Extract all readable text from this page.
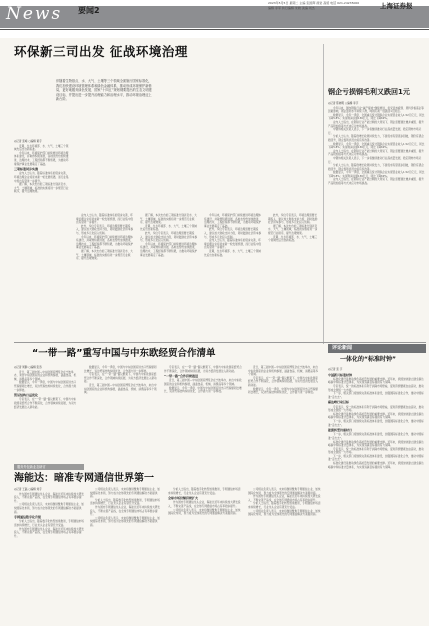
News 要闻2
2023年5月5日 星期二 主编 张国辉 视觉 高毅 电话 021-24235000
编辑 李军 执行编辑 朱晓 美编 刘杰	上海证券报
环保新三司出发 征战环境治理
伴随着生物基点、水、大气、土壤等三个领域全面施行国家标准化，我们加快建设环境管理体系和绿色金融体系，推动形成环境保护新格局，更好地服务绿色发展、国家“十四五”规划纲要提出的生态文明建设目标，并提出进一步提升治理能力和治理水平，推动环境治理迈上新台阶。
◎记者 张峰 ○编辑 黄宇
近期，生态环境部、水、大气、土壤三个领域先后出台新标准。
今年以来，环境保护部门持续推进环境治理体系建设，并取得积极进展，各地也纷纷加快推进，治理技术、工程经验都不断积累，为推动环境保护事业发展奠定了基础。
三项标准同步实施
业内人士认为，随着标准体系的逐步完善，环境治理企业将迎来新一轮发展机遇，而行业集中度也有望进一步提升。
据了解，本次出台的三项标准分别涉及水、大气、土壤领域，标准的实施将进一步规范行业秩序，提升治理效果。
业内人士认为，随着标准体系的逐步完善，环境治理企业将迎来新一轮发展机遇，而行业集中度也有望进一步提升。
此外，多位专家表示，环境治理需要长期投入，建议加大财政支持力度，同时鼓励社会资本参与，形成多元化投入机制。
今年以来，环境保护部门持续推进环境治理体系建设，并取得积极进展，各地也纷纷加快推进，治理技术、工程经验都不断积累，为推动环境保护事业发展奠定了基础。
据了解，本次出台的三项标准分别涉及水、大气、土壤领域，标准的实施将进一步规范行业秩序，提升治理效果。
据了解，本次出台的三项标准分别涉及水、大气、土壤领域，标准的实施将进一步规范行业秩序，提升治理效果。
近期，生态环境部、水、大气、土壤三个领域先后出台新标准。
此外，多位专家表示，环境治理需要长期投入，建议加大财政支持力度，同时鼓励社会资本参与，形成多元化投入机制。
今年以来，环境保护部门持续推进环境治理体系建设，并取得积极进展，各地也纷纷加快推进，治理技术、工程经验都不断积累，为推动环境保护事业发展奠定了基础。
今年以来，环境保护部门持续推进环境治理体系建设，并取得积极进展，各地也纷纷加快推进，治理技术、工程经验都不断积累，为推动环境保护事业发展奠定了基础。
此外，多位专家表示，环境治理需要长期投入，建议加大财政支持力度，同时鼓励社会资本参与，形成多元化投入机制。
业内人士认为，随着标准体系的逐步完善，环境治理企业将迎来新一轮发展机遇，而行业集中度也有望进一步提升。
近期，生态环境部、水、大气、土壤三个领域先后出台新标准。
此外，多位专家表示，环境治理需要长期投入，建议加大财政支持力度，同时鼓励社会资本参与，形成多元化投入机制。
据了解，本次出台的三项标准分别涉及水、大气、土壤领域，标准的实施将进一步规范行业秩序，提升治理效果。
近期，生态环境部、水、大气、土壤三个领域先后出台新标准。
钢企亏损钢毛利又跌回1元
◎记者 陈晓明 ○编辑 李宇
今年以来，国内钢铁行业“减产提质”继续推进，但受需求疲弱、原料价格高企等因素影响，钢企盈利水平持续下滑，吨钢毛利一度跌回1元附近。
数据显示，今年一季度，全国重点统计钢铁企业实现营业收入1.52万亿元，同比下降5.8%；实现利润总额136亿元，同比下降69%。
业内人士指出，在钢铁行业产能过剩的大背景下，钢企需要通过兼并重组、提升产品附加值等方式来应对市场挑战。
中钢协相关负责人表示，下一步将继续推动行业高质量发展，稳定钢材市场运行。
分析人士认为，随着稳增长政策持续发力，下游需求有望逐步回暖，钢价有望企稳回升，钢企盈利状况也将有所改善。
数据显示，今年一季度，全国重点统计钢铁企业实现营业收入1.52万亿元，同比下降5.8%；实现利润总额136亿元，同比下降69%。
业内人士指出，在钢铁行业产能过剩的大背景下，钢企需要通过兼并重组、提升产品附加值等方式来应对市场挑战。
中钢协相关负责人表示，下一步将继续推动行业高质量发展，稳定钢材市场运行。
分析人士认为，随着稳增长政策持续发力，下游需求有望逐步回暖，钢价有望企稳回升，钢企盈利状况也将有所改善。
数据显示，今年一季度，全国重点统计钢铁企业实现营业收入1.52万亿元，同比下降5.8%；实现利润总额136亿元，同比下降69%。
业内人士指出，在钢铁行业产能过剩的大背景下，钢企需要通过兼并重组、提升产品附加值等方式来应对市场挑战。
“一带一路”重写中国与中东欧经贸合作清单
◎记者 周静 ○编辑 张涛
近日，第三届中国—中东欧国家博览会在宁波举办，来自中东欧国家的企业和机构参展，涵盖食品、机械、消费品等多个领域。
数据显示，今年一季度，中国与中东欧国家进出口贸易额同比增长，双边贸易结构持续优化，合作潜力进一步释放。
贸易结构日益优化
专家表示，在“一带一路”倡议框架下，中国与中东欧国家经贸合作不断深化，合作领域持续拓展，为双方经济发展注入新动能。
数据显示，今年一季度，中国与中东欧国家进出口贸易额同比增长，双边贸易结构持续优化，合作潜力进一步释放。
专家表示，在“一带一路”倡议框架下，中国与中东欧国家经贸合作不断深化，合作领域持续拓展，为双方经济发展注入新动能。
近日，第三届中国—中东欧国家博览会在宁波举办，来自中东欧国家的企业和机构参展，涵盖食品、机械、消费品等多个领域。
专家表示，在“一带一路”倡议框架下，中国与中东欧国家经贸合作不断深化，合作领域持续拓展，为双方经济发展注入新动能。
“一带一路”合作持续推进
近日，第三届中国—中东欧国家博览会在宁波举办，来自中东欧国家的企业和机构参展，涵盖食品、机械、消费品等多个领域。
数据显示，今年一季度，中国与中东欧国家进出口贸易额同比增长，双边贸易结构持续优化，合作潜力进一步释放。
近日，第三届中国—中东欧国家博览会在宁波举办，来自中东欧国家的企业和机构参展，涵盖食品、机械、消费品等多个领域。
专家表示，在“一带一路”倡议框架下，中国与中东欧国家经贸合作不断深化，合作领域持续拓展，为双方经济发展注入新动能。
数据显示，今年一季度，中国与中东欧国家进出口贸易额同比增长，双边贸易结构持续优化，合作潜力进一步释放。
评论新闻
一体化的“标准时钟”
◎记者 张 宇
中国新兴标准时钟
标准化建设是推动绿色高质量发展的重要支撑。近年来，我国加快建立健全碳达峰碳中和标准计量体系，为实现双碳目标提供有力保障。
专家表示，统一的标准体系有利于消除市场壁垒，促进资源要素自由流动，推动形成全国统一大市场。
下一步，相关部门将继续完善标准体系建设，加强国际标准化合作，推动中国标准“走出去”。
碳达峰行动目标
专家表示，统一的标准体系有利于消除市场壁垒，促进资源要素自由流动，推动形成全国统一大市场。
标准化建设是推动绿色高质量发展的重要支撑。近年来，我国加快建立健全碳达峰碳中和标准计量体系，为实现双碳目标提供有力保障。
下一步，相关部门将继续完善标准体系建设，加强国际标准化合作，推动中国标准“走出去”。
能源转型仍需时日
下一步，相关部门将继续完善标准体系建设，加强国际标准化合作，推动中国标准“走出去”。
标准化建设是推动绿色高质量发展的重要支撑。近年来，我国加快建立健全碳达峰碳中和标准计量体系，为实现双碳目标提供有力保障。
专家表示，统一的标准体系有利于消除市场壁垒，促进资源要素自由流动，推动形成全国统一大市场。
下一步，相关部门将继续完善标准体系建设，加强国际标准化合作，推动中国标准“走出去”。
标准化建设是推动绿色高质量发展的重要支撑。近年来，我国加快建立健全碳达峰碳中和标准计量体系，为实现双碳目标提供有力保障。
服务外包新业态研讨
海能达：暗准专网通信世界第一
◎记者 王磊 ○编辑 刘宇
作为国内专网通信龙头企业，海能达近年来持续加大研发投入，不断完善产品线，在全球专网通信市场占有率稳步提升。
公司相关负责人表示，未来将继续聚焦专网通信主业，加快国际化布局，努力成为全球领先的专网通信解决方案提供商。
专网通信数字化升级
分析人士指出，随着数字化转型加速推进，专网通信市场需求持续增长，行业龙头企业有望充分受益。
作为国内专网通信龙头企业，海能达近年来持续加大研发投入，不断完善产品线，在全球专网通信市场占有率稳步提升。
公司相关负责人表示，未来将继续聚焦专网通信主业，加快国际化布局，努力成为全球领先的专网通信解决方案提供商。
分析人士指出，随着数字化转型加速推进，专网通信市场需求持续增长，行业龙头企业有望充分受益。
作为国内专网通信龙头企业，海能达近年来持续加大研发投入，不断完善产品线，在全球专网通信市场占有率稳步提升。
公司相关负责人表示，未来将继续聚焦专网通信主业，加快国际化布局，努力成为全球领先的专网通信解决方案提供商。
分析人士指出，随着数字化转型加速推进，专网通信市场需求持续增长，行业龙头企业有望充分受益。
全球市场份额持续扩大
作为国内专网通信龙头企业，海能达近年来持续加大研发投入，不断完善产品线，在全球专网通信市场占有率稳步提升。
公司相关负责人表示，未来将继续聚焦专网通信主业，加快国际化布局，努力成为全球领先的专网通信解决方案提供商。
公司相关负责人表示，未来将继续聚焦专网通信主业，加快国际化布局，努力成为全球领先的专网通信解决方案提供商。
作为国内专网通信龙头企业，海能达近年来持续加大研发投入，不断完善产品线，在全球专网通信市场占有率稳步提升。
分析人士指出，随着数字化转型加速推进，专网通信市场需求持续增长，行业龙头企业有望充分受益。
公司相关负责人表示，未来将继续聚焦专网通信主业，加快国际化布局，努力成为全球领先的专网通信解决方案提供商。
